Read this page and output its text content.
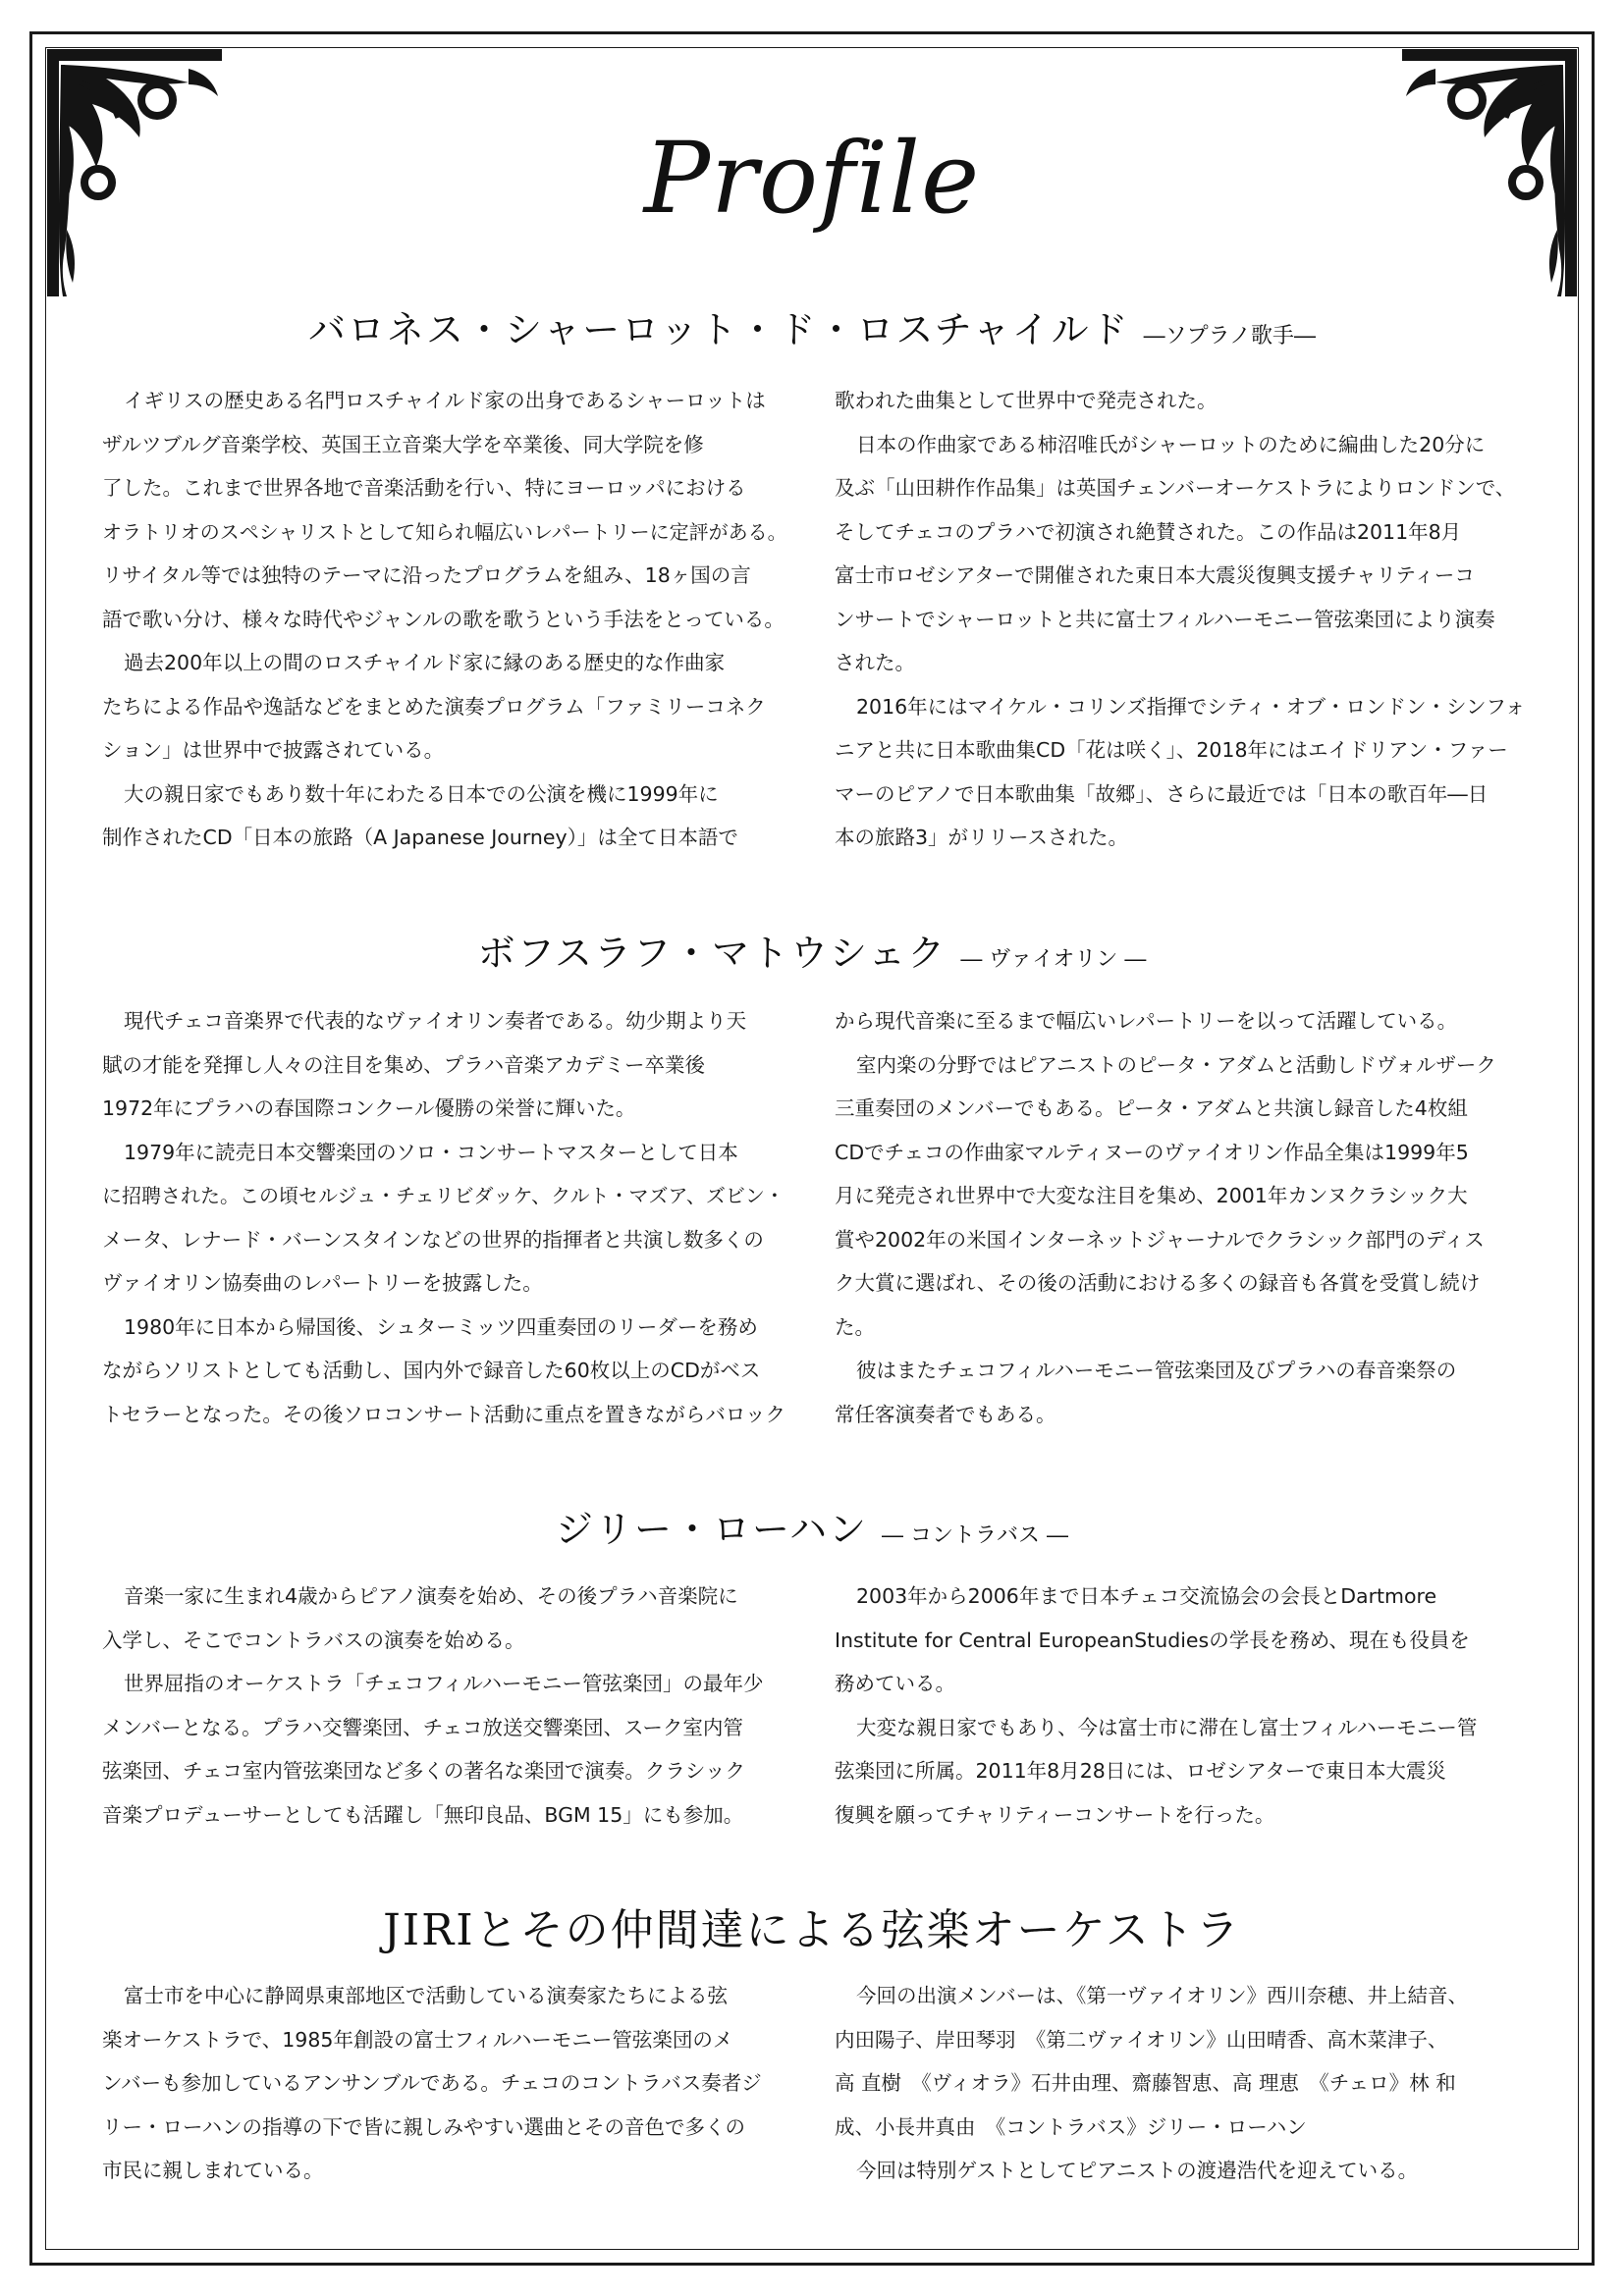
Profile
バロネス・シャーロット・ド・ロスチャイルド ―ソプラノ歌手―
イギリスの歴史ある名門ロスチャイルド家の出身であるシャーロットは
ザルツブルグ音楽学校、英国王立音楽大学を卒業後、同大学院を修
了した。これまで世界各地で音楽活動を行い、特にヨーロッパにおける
オラトリオのスペシャリストとして知られ幅広いレパートリーに定評がある。
リサイタル等では独特のテーマに沿ったプログラムを組み、18ヶ国の言
語で歌い分け、様々な時代やジャンルの歌を歌うという手法をとっている。
過去200年以上の間のロスチャイルド家に縁のある歴史的な作曲家
たちによる作品や逸話などをまとめた演奏プログラム「ファミリーコネク
ション」は世界中で披露されている。
大の親日家でもあり数十年にわたる日本での公演を機に1999年に
制作されたCD「日本の旅路（A Japanese Journey）」は全て日本語で
歌われた曲集として世界中で発売された。
日本の作曲家である柿沼唯氏がシャーロットのために編曲した20分に
及ぶ「山田耕作作品集」は英国チェンバーオーケストラによりロンドンで、
そしてチェコのプラハで初演され絶賛された。この作品は2011年8月
富士市ロゼシアターで開催された東日本大震災復興支援チャリティーコ
ンサートでシャーロットと共に富士フィルハーモニー管弦楽団により演奏
された。
2016年にはマイケル・コリンズ指揮でシティ・オブ・ロンドン・シンフォ
ニアと共に日本歌曲集CD「花は咲く」、2018年にはエイドリアン・ファー
マーのピアノで日本歌曲集「故郷」、さらに最近では「日本の歌百年―日
本の旅路3」がリリースされた。
ボフスラフ・マトウシェク ― ヴァイオリン ―
現代チェコ音楽界で代表的なヴァイオリン奏者である。幼少期より天
賦の才能を発揮し人々の注目を集め、プラハ音楽アカデミー卒業後
1972年にプラハの春国際コンクール優勝の栄誉に輝いた。
1979年に読売日本交響楽団のソロ・コンサートマスターとして日本
に招聘された。この頃セルジュ・チェリビダッケ、クルト・マズア、ズビン・
メータ、レナード・バーンスタインなどの世界的指揮者と共演し数多くの
ヴァイオリン協奏曲のレパートリーを披露した。
1980年に日本から帰国後、シュターミッツ四重奏団のリーダーを務め
ながらソリストとしても活動し、国内外で録音した60枚以上のCDがベス
トセラーとなった。その後ソロコンサート活動に重点を置きながらバロック
から現代音楽に至るまで幅広いレパートリーを以って活躍している。
室内楽の分野ではピアニストのピータ・アダムと活動しドヴォルザーク
三重奏団のメンバーでもある。ピータ・アダムと共演し録音した4枚組
CDでチェコの作曲家マルティヌーのヴァイオリン作品全集は1999年5
月に発売され世界中で大変な注目を集め、2001年カンヌクラシック大
賞や2002年の米国インターネットジャーナルでクラシック部門のディス
ク大賞に選ばれ、その後の活動における多くの録音も各賞を受賞し続け
た。
彼はまたチェコフィルハーモニー管弦楽団及びプラハの春音楽祭の
常任客演奏者でもある。
ジリー・ローハン ― コントラバス ―
音楽一家に生まれ4歳からピアノ演奏を始め、その後プラハ音楽院に
入学し、そこでコントラバスの演奏を始める。
世界屈指のオーケストラ「チェコフィルハーモニー管弦楽団」の最年少
メンバーとなる。プラハ交響楽団、チェコ放送交響楽団、スーク室内管
弦楽団、チェコ室内管弦楽団など多くの著名な楽団で演奏。クラシック
音楽プロデューサーとしても活躍し「無印良品、BGM 15」にも参加。
2003年から2006年まで日本チェコ交流協会の会長とDartmore
Institute for Central EuropeanStudiesの学長を務め、現在も役員を
務めている。
大変な親日家でもあり、今は富士市に滞在し富士フィルハーモニー管
弦楽団に所属。2011年8月28日には、ロゼシアターで東日本大震災
復興を願ってチャリティーコンサートを行った。
JIRIとその仲間達による弦楽オーケストラ
富士市を中心に静岡県東部地区で活動している演奏家たちによる弦
楽オーケストラで、1985年創設の富士フィルハーモニー管弦楽団のメ
ンバーも参加しているアンサンブルである。チェコのコントラバス奏者ジ
リー・ローハンの指導の下で皆に親しみやすい選曲とその音色で多くの
市民に親しまれている。
今回の出演メンバーは、《第一ヴァイオリン》西川奈穂、井上結音、
内田陽子、岸田琴羽　《第二ヴァイオリン》山田晴香、高木菜津子、
高 直樹　《ヴィオラ》石井由理、齋藤智恵、高 理恵　《チェロ》林 和
成、小長井真由　《コントラバス》ジリー・ローハン
今回は特別ゲストとしてピアニストの渡邉浩代を迎えている。
